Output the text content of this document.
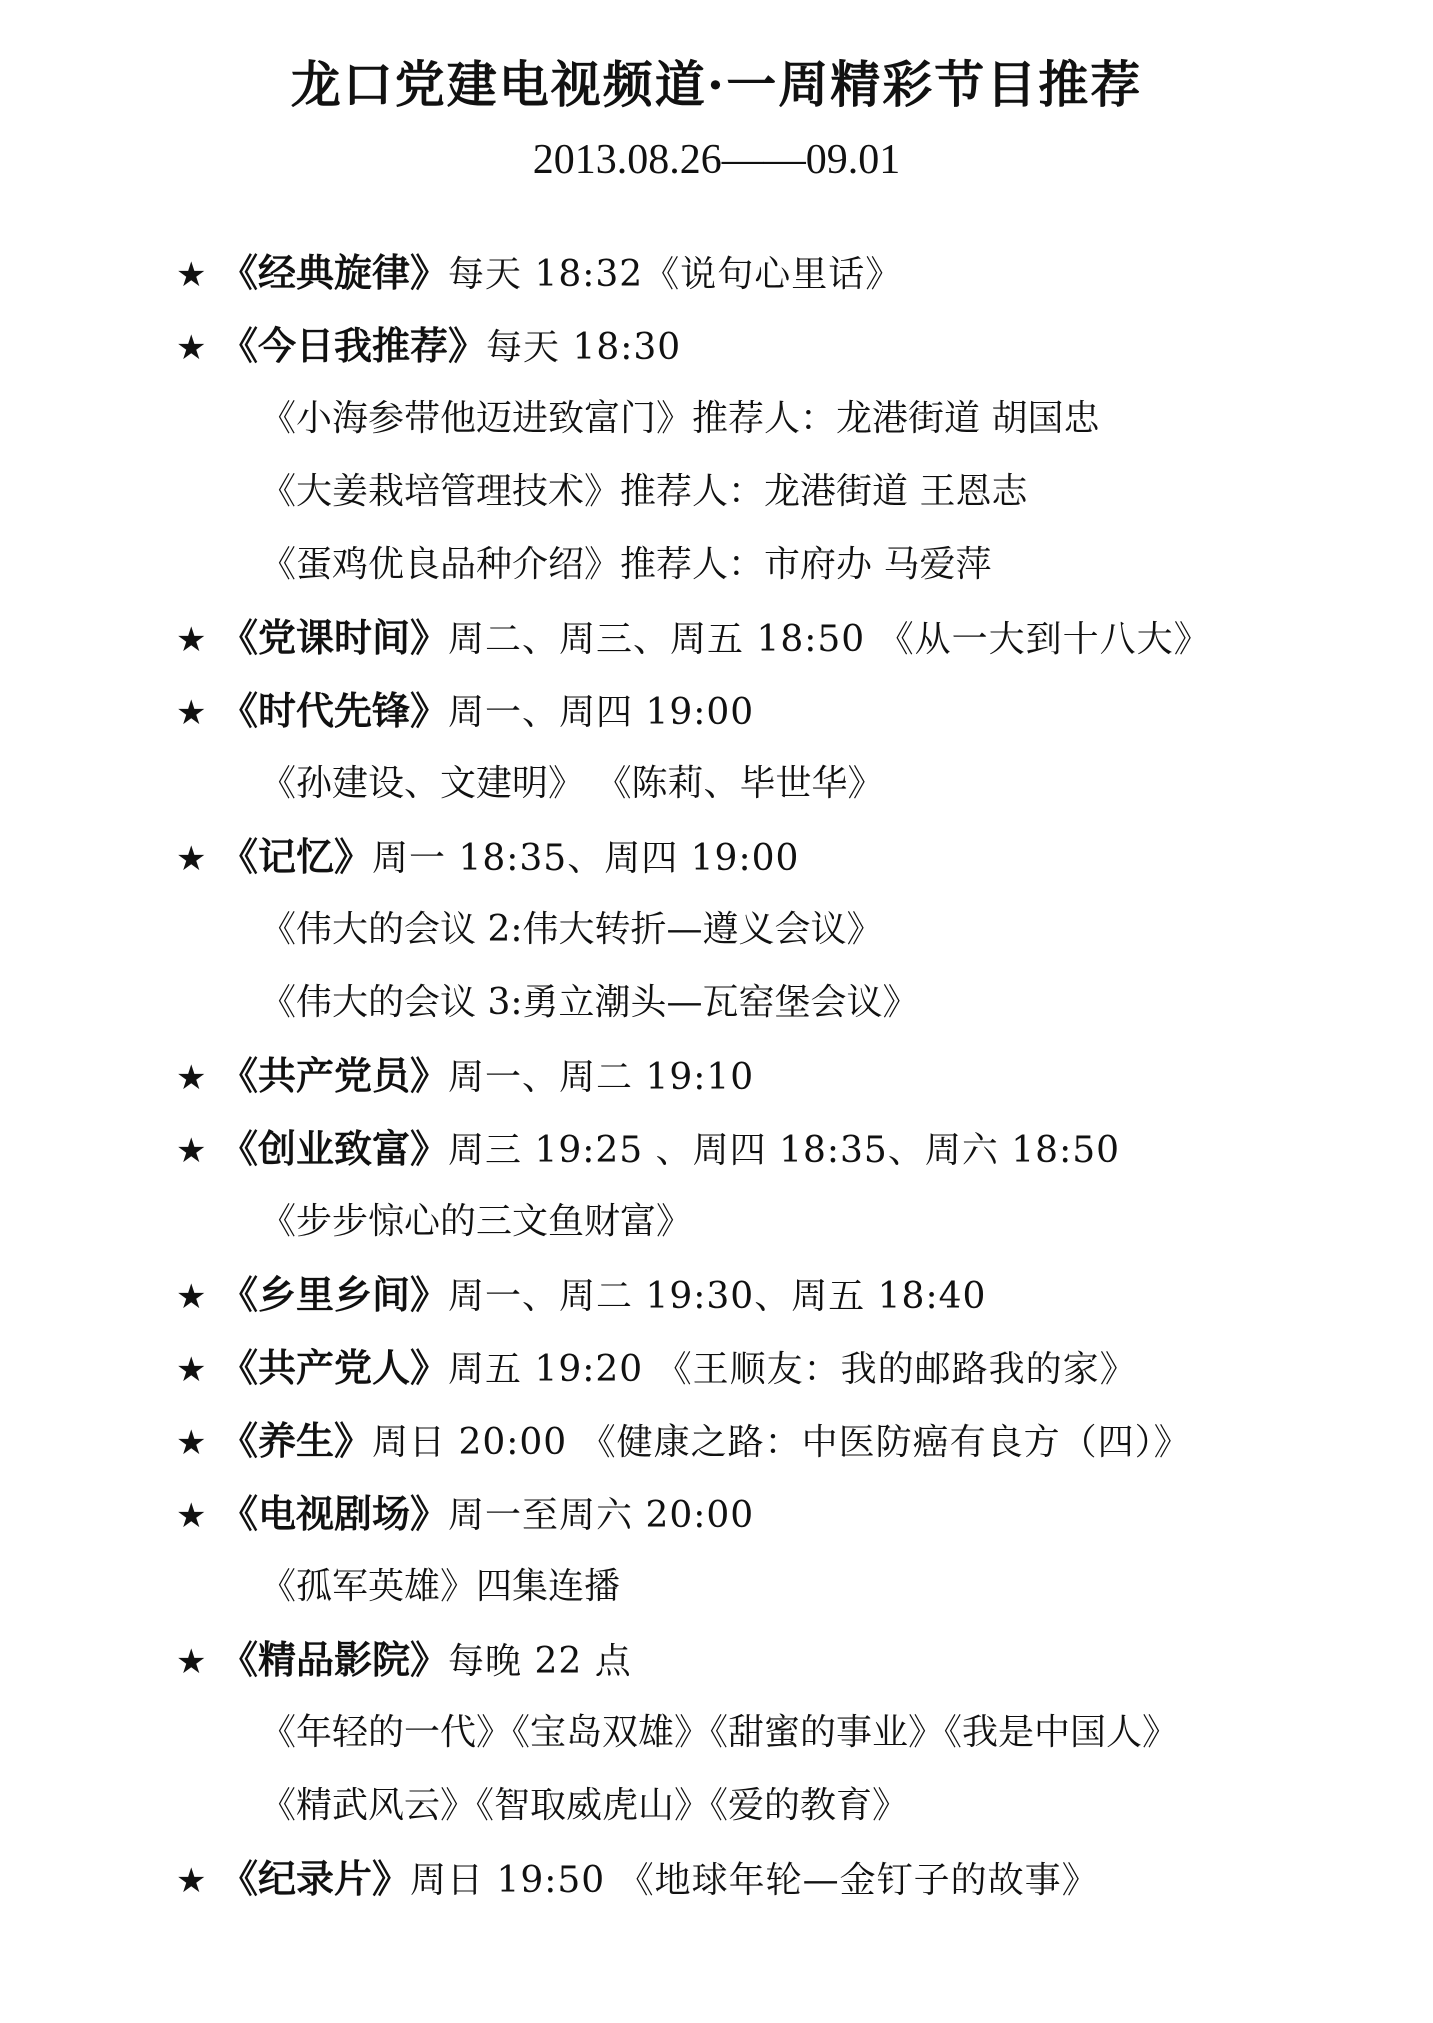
龙口党建电视频道·一周精彩节目推荐
2013.08.26——09.01
★ 《经典旋律》每天 18:32《说句心里话》
★ 《今日我推荐》每天 18:30
《小海参带他迈进致富门》推荐人：龙港街道 胡国忠
《大姜栽培管理技术》推荐人：龙港街道 王恩志
《蛋鸡优良品种介绍》推荐人：市府办 马爱萍
★ 《党课时间》周二、周三、周五 18:50 《从一大到十八大》
★ 《时代先锋》周一、周四 19:00
《孙建设、文建明》 《陈莉、毕世华》
★ 《记忆》周一 18:35、周四 19:00
《伟大的会议 2:伟大转折—遵义会议》
《伟大的会议 3:勇立潮头—瓦窑堡会议》
★ 《共产党员》周一、周二 19:10
★ 《创业致富》周三 19:25 、周四 18:35、周六 18:50
《步步惊心的三文鱼财富》
★ 《乡里乡间》周一、周二 19:30、周五 18:40
★ 《共产党人》周五 19:20 《王顺友：我的邮路我的家》
★ 《养生》周日 20:00 《健康之路：中医防癌有良方（四）》
★ 《电视剧场》周一至周六 20:00
《孤军英雄》四集连播
★ 《精品影院》每晚 22 点
《年轻的一代》《宝岛双雄》《甜蜜的事业》《我是中国人》
《精武风云》《智取威虎山》《爱的教育》
★ 《纪录片》周日 19:50 《地球年轮—金钉子的故事》
